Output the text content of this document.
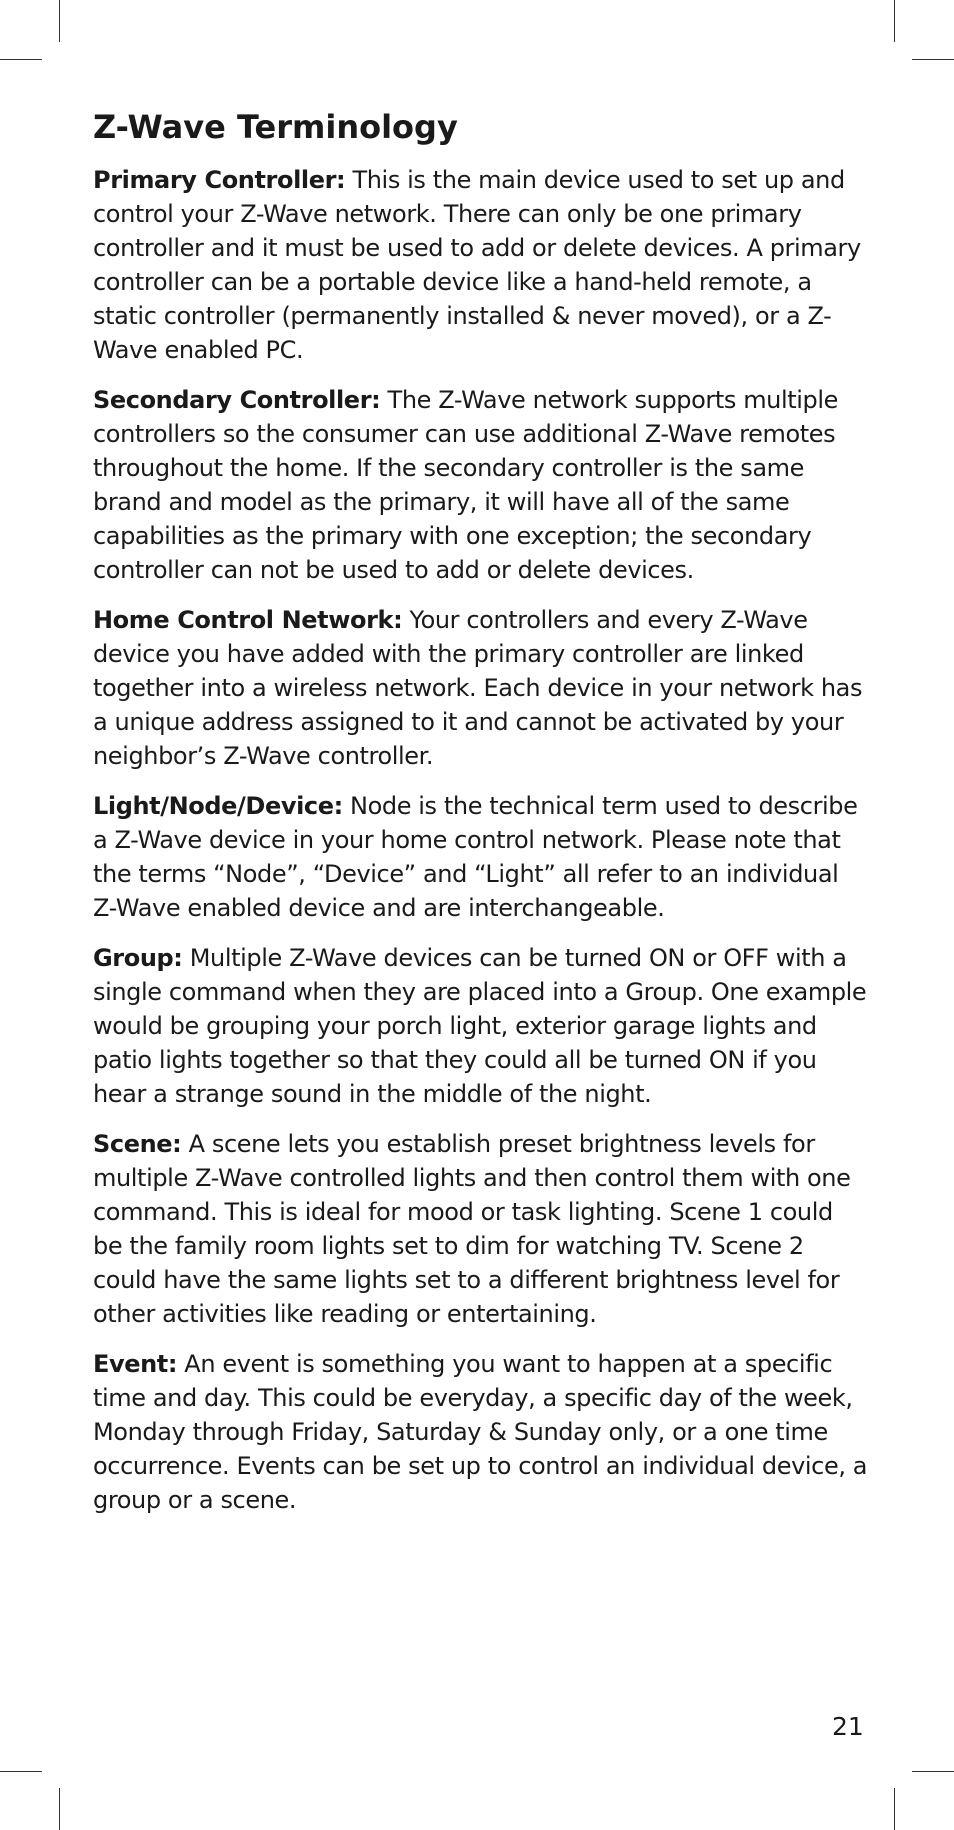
Z-Wave Terminology

Primary Controller: This is the main device used to set up and control your Z-Wave network. There can only be one primary controller and it must be used to add or delete devices. A primary controller can be a portable device like a hand-held remote, a static controller (permanently installed & never moved), or a Z-Wave enabled PC.

Secondary Controller: The Z-Wave network supports multiple controllers so the consumer can use additional Z-Wave remotes throughout the home. If the secondary controller is the same brand and model as the primary, it will have all of the same capabilities as the primary with one exception; the secondary controller can not be used to add or delete devices.

Home Control Network: Your controllers and every Z-Wave device you have added with the primary controller are linked together into a wireless network. Each device in your network has a unique address assigned to it and cannot be activated by your neighbor’s Z-Wave controller.

Light/Node/Device: Node is the technical term used to describe a Z-Wave device in your home control network. Please note that the terms “Node”, “Device” and “Light” all refer to an individual Z-Wave enabled device and are interchangeable.

Group: Multiple Z-Wave devices can be turned ON or OFF with a single command when they are placed into a Group. One example would be grouping your porch light, exterior garage lights and patio lights together so that they could all be turned ON if you hear a strange sound in the middle of the night.

Scene: A scene lets you establish preset brightness levels for multiple Z-Wave controlled lights and then control them with one command. This is ideal for mood or task lighting. Scene 1 could be the family room lights set to dim for watching TV. Scene 2 could have the same lights set to a different brightness level for other activities like reading or entertaining.

Event: An event is something you want to happen at a specific time and day. This could be everyday, a specific day of the week, Monday through Friday, Saturday & Sunday only, or a one time occurrence. Events can be set up to control an individual device, a group or a scene.

21
